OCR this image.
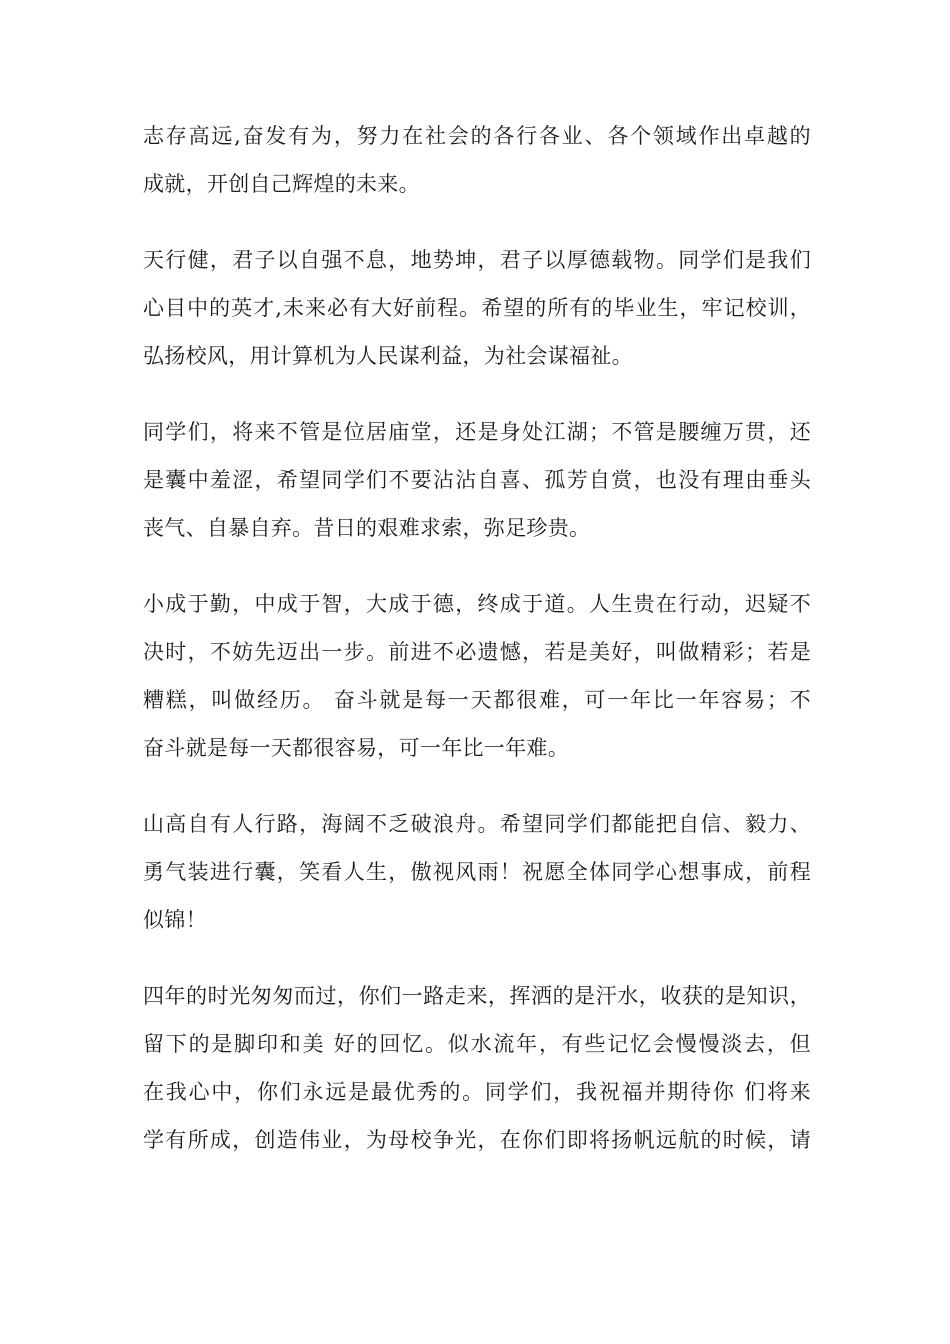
志存高远,奋发有为，努力在社会的各行各业、各个领域作出卓越的
成就，开创自己辉煌的未来。

天行健，君子以自强不息，地势坤，君子以厚德载物。同学们是我们
心目中的英才,未来必有大好前程。希望的所有的毕业生，牢记校训，
弘扬校风，用计算机为人民谋利益，为社会谋福祉。

同学们，将来不管是位居庙堂，还是身处江湖；不管是腰缠万贯，还
是囊中羞涩，希望同学们不要沾沾自喜、孤芳自赏，也没有理由垂头
丧气、自暴自弃。昔日的艰难求索，弥足珍贵。

小成于勤，中成于智，大成于德，终成于道。人生贵在行动，迟疑不
决时，不妨先迈出一步。前进不必遗憾，若是美好，叫做精彩；若是
糟糕，叫做经历。 奋斗就是每一天都很难，可一年比一年容易；不
奋斗就是每一天都很容易，可一年比一年难。

山高自有人行路，海阔不乏破浪舟。希望同学们都能把自信、毅力、
勇气装进行囊，笑看人生，傲视风雨！祝愿全体同学心想事成，前程
似锦！

四年的时光匆匆而过，你们一路走来，挥洒的是汗水，收获的是知识，
留下的是脚印和美 好的回忆。似水流年，有些记忆会慢慢淡去，但
在我心中，你们永远是最优秀的。同学们，我祝福并期待你 们将来
学有所成，创造伟业，为母校争光，在你们即将扬帆远航的时候，请
